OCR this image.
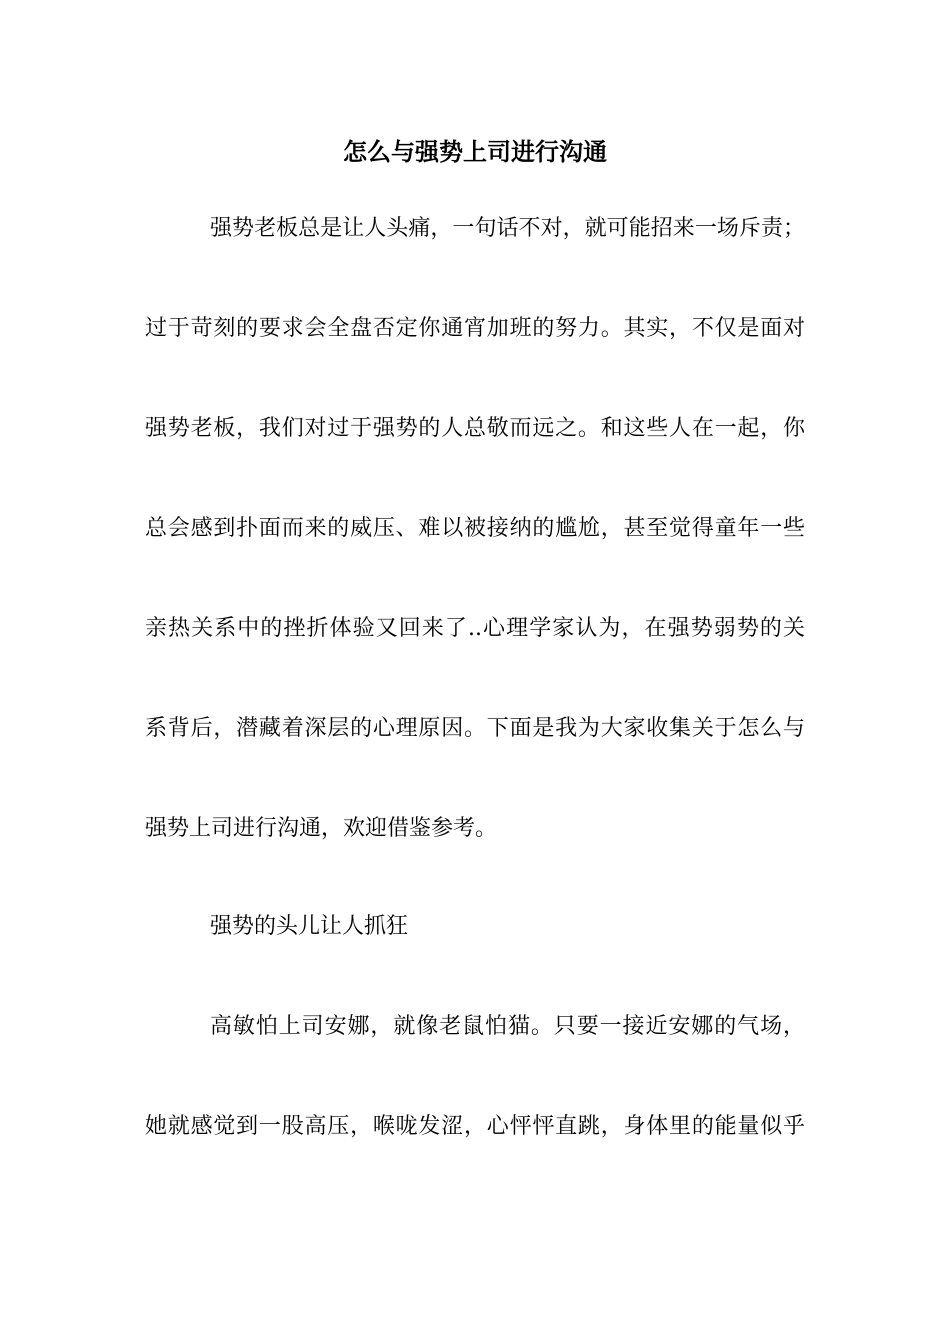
怎么与强势上司进行沟通
强势老板总是让人头痛，一句话不对，就可能招来一场斥责；
过于苛刻的要求会全盘否定你通宵加班的努力。其实，不仅是面对
强势老板，我们对过于强势的人总敬而远之。和这些人在一起，你
总会感到扑面而来的威压、难以被接纳的尴尬，甚至觉得童年一些
亲热关系中的挫折体验又回来了..心理学家认为，在强势弱势的关
系背后，潜藏着深层的心理原因。下面是我为大家收集关于怎么与
强势上司进行沟通，欢迎借鉴参考。
强势的头儿让人抓狂
高敏怕上司安娜，就像老鼠怕猫。只要一接近安娜的气场，
她就感觉到一股高压，喉咙发涩，心怦怦直跳，身体里的能量似乎
